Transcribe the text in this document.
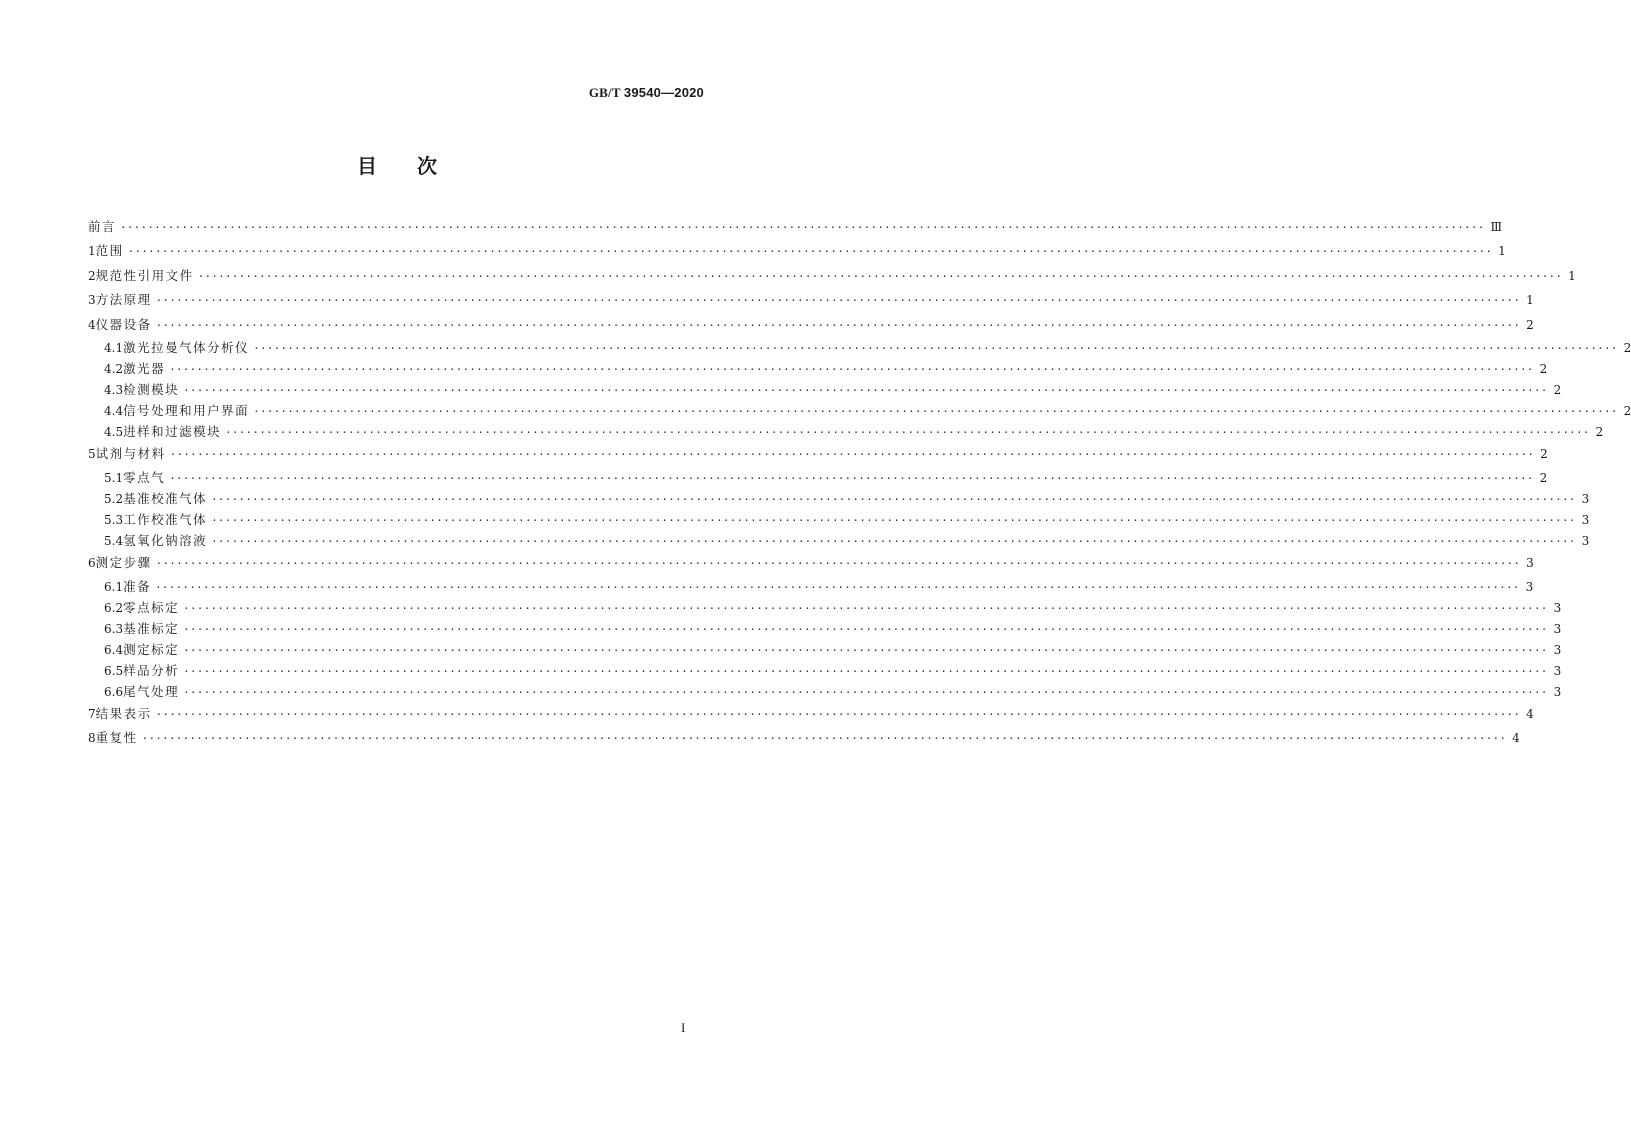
GB/T 39540—2020
目次
前言 ········································································································································································································ Ⅲ
1 范围 ········································································································································································································ 1
2 规范性引用文件 ········································································································································································································ 1
3 方法原理 ········································································································································································································ 1
4 仪器设备 ········································································································································································································ 2
4.1 激光拉曼气体分析仪 ········································································································································································································ 2
4.2 激光器 ········································································································································································································ 2
4.3 检测模块 ········································································································································································································ 2
4.4 信号处理和用户界面 ········································································································································································································ 2
4.5 进样和过滤模块 ········································································································································································································ 2
5 试剂与材料 ········································································································································································································ 2
5.1 零点气 ········································································································································································································ 2
5.2 基准校准气体 ········································································································································································································ 3
5.3 工作校准气体 ········································································································································································································ 3
5.4 氢氧化钠溶液 ········································································································································································································ 3
6 测定步骤 ········································································································································································································ 3
6.1 准备 ········································································································································································································ 3
6.2 零点标定 ········································································································································································································ 3
6.3 基准标定 ········································································································································································································ 3
6.4 测定标定 ········································································································································································································ 3
6.5 样品分析 ········································································································································································································ 3
6.6 尾气处理 ········································································································································································································ 3
7 结果表示 ········································································································································································································ 4
8 重复性 ········································································································································································································ 4
I
